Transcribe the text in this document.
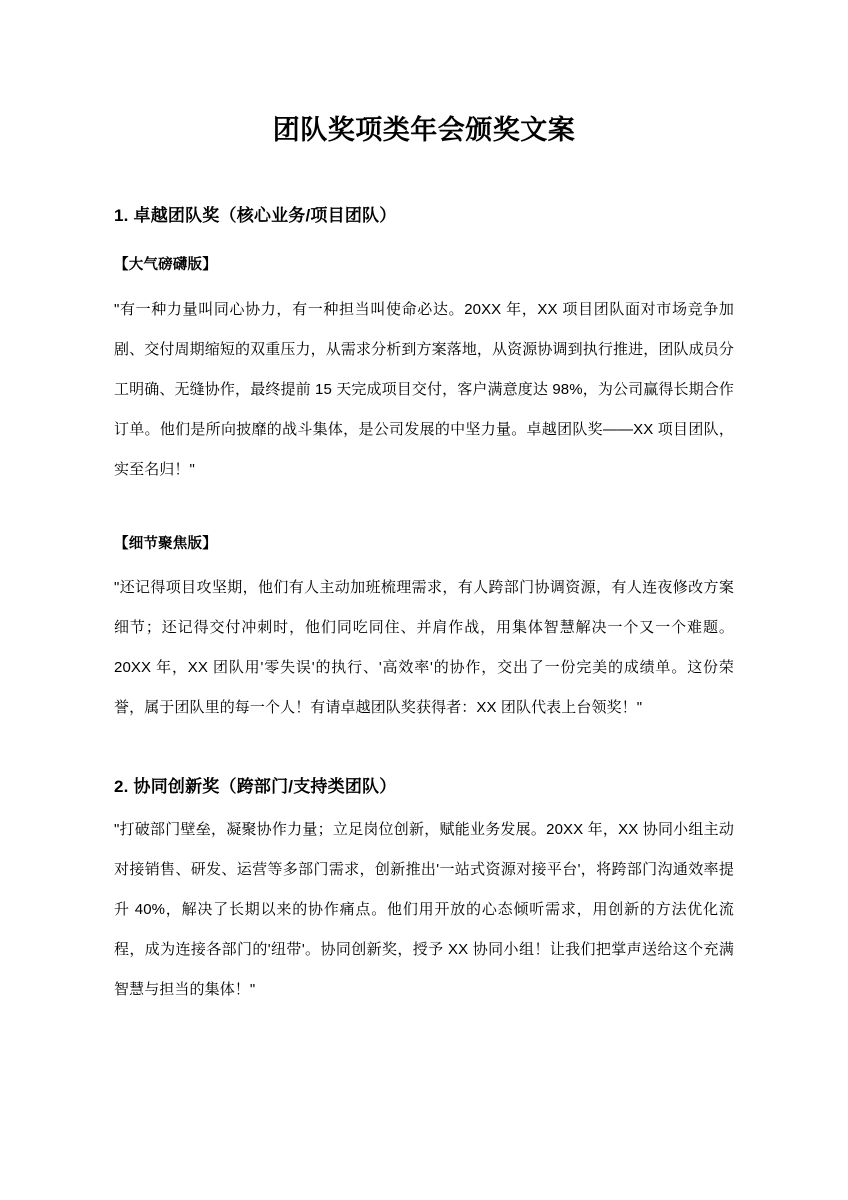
团队奖项类年会颁奖文案
1. 卓越团队奖（核心业务/项目团队）
【大气磅礴版】

"有一种力量叫同心协力，有一种担当叫使命必达。20XX 年，XX 项目团队面对市场竞争加剧、交付周期缩短的双重压力，从需求分析到方案落地，从资源协调到执行推进，团队成员分工明确、无缝协作，最终提前 15 天完成项目交付，客户满意度达 98%，为公司赢得长期合作订单。他们是所向披靡的战斗集体，是公司发展的中坚力量。卓越团队奖——XX 项目团队，实至名归！"

【细节聚焦版】

"还记得项目攻坚期，他们有人主动加班梳理需求，有人跨部门协调资源，有人连夜修改方案细节；还记得交付冲刺时，他们同吃同住、并肩作战，用集体智慧解决一个又一个难题。20XX 年，XX 团队用'零失误'的执行、'高效率'的协作，交出了一份完美的成绩单。这份荣誉，属于团队里的每一个人！有请卓越团队奖获得者：XX 团队代表上台领奖！"

2. 协同创新奖（跨部门/支持类团队）

"打破部门壁垒，凝聚协作力量；立足岗位创新，赋能业务发展。20XX 年，XX 协同小组主动对接销售、研发、运营等多部门需求，创新推出'一站式资源对接平台'，将跨部门沟通效率提升 40%，解决了长期以来的协作痛点。他们用开放的心态倾听需求，用创新的方法优化流程，成为连接各部门的'纽带'。协同创新奖，授予 XX 协同小组！让我们把掌声送给这个充满智慧与担当的集体！"
